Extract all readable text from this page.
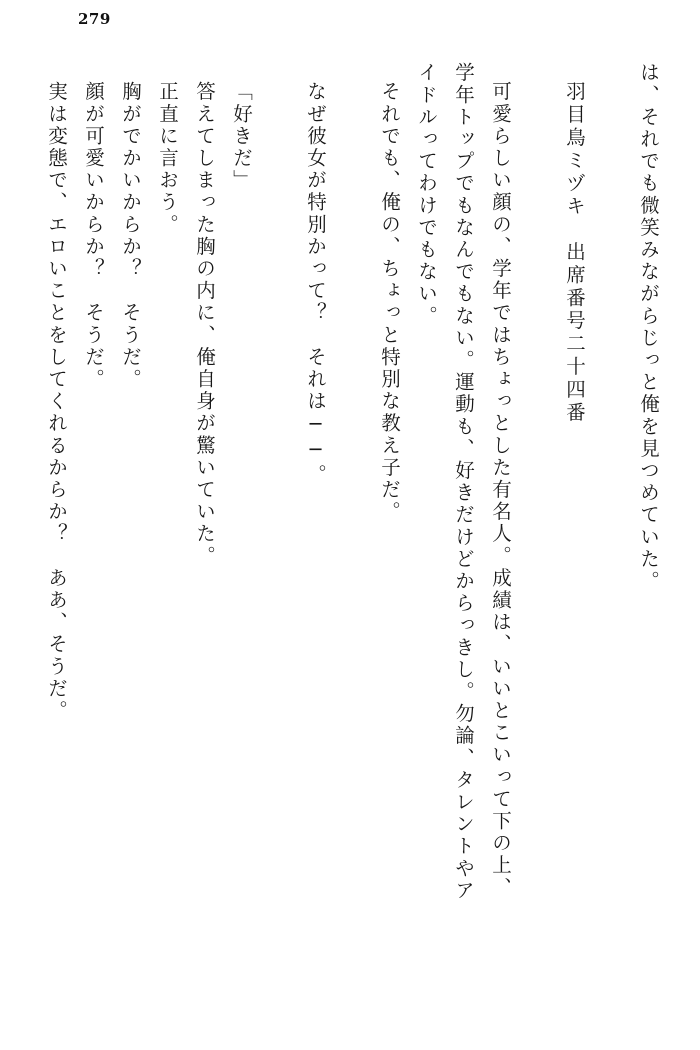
279
は、それでも微笑みながらじっと俺を見つめていた。
羽目鳥ミヅキ　出席番号二十四番
可愛らしい顔の、学年ではちょっとした有名人。成績は、いいとこいって下の上、
学年トップでもなんでもない。運動も、好きだけどからっきし。勿論、タレントやア
イドルってわけでもない。
それでも、俺の、ちょっと特別な教え子だ。
なぜ彼女が特別かって？　それは──。
「好きだ」
答えてしまった胸の内に、俺自身が驚いていた。
正直に言おう。
胸がでかいからか？　そうだ。
顔が可愛いからか？　そうだ。
実は変態で、エロいことをしてくれるからか？　ああ、そうだ。
